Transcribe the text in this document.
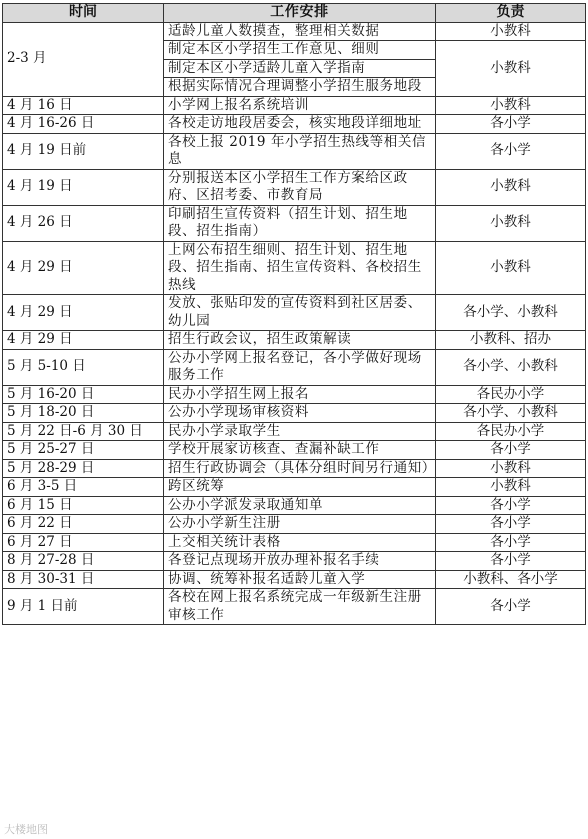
时间	工作安排	负责
2-3 月	适龄儿童人数摸查，整理相关数据	小教科
	制定本区小学招生工作意见、细则	小教科
	制定本区小学适龄儿童入学指南	
	根据实际情况合理调整小学招生服务地段	
4 月 16 日	小学网上报名系统培训	小教科
4 月 16-26 日	各校走访地段居委会，核实地段详细地址	各小学
4 月 19 日前	各校上报 2019 年小学招生热线等相关信息	各小学
4 月 19 日	分别报送本区小学招生工作方案给区政府、区招考委、市教育局	小教科
4 月 26 日	印刷招生宣传资料（招生计划、招生地段、招生指南）	小教科
4 月 29 日	上网公布招生细则、招生计划、招生地段、招生指南、招生宣传资料、各校招生热线	小教科
4 月 29 日	发放、张贴印发的宣传资料到社区居委、幼儿园	各小学、小教科
4 月 29 日	招生行政会议，招生政策解读	小教科、招办
5 月 5-10 日	公办小学网上报名登记，各小学做好现场服务工作	各小学、小教科
5 月 16-20 日	民办小学招生网上报名	各民办小学
5 月 18-20 日	公办小学现场审核资料	各小学、小教科
5 月 22 日-6 月 30 日	民办小学录取学生	各民办小学
5 月 25-27 日	学校开展家访核查、查漏补缺工作	各小学
5 月 28-29 日	招生行政协调会（具体分组时间另行通知）	小教科
6 月 3-5 日	跨区统筹	小教科
6 月 15 日	公办小学派发录取通知单	各小学
6 月 22 日	公办小学新生注册	各小学
6 月 27 日	上交相关统计表格	各小学
8 月 27-28 日	各登记点现场开放办理补报名手续	各小学
8 月 30-31 日	协调、统筹补报名适龄儿童入学	小教科、各小学
9 月 1 日前	各校在网上报名系统完成一年级新生注册审核工作	各小学
大楼地图
